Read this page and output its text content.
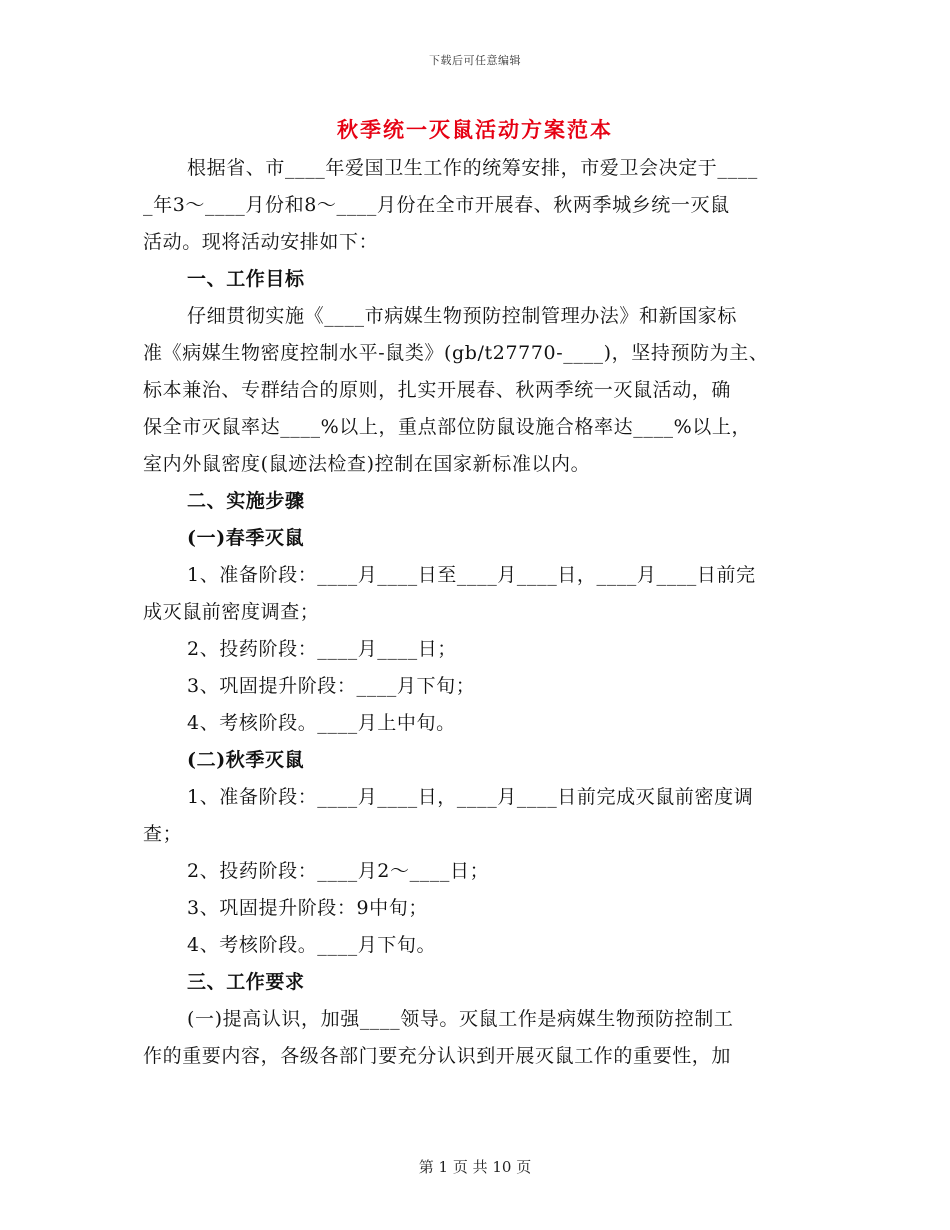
下载后可任意编辑
秋季统一灭鼠活动方案范本
根据省、市____年爱国卫生工作的统筹安排，市爱卫会决定于____
_年3～____月份和8～____月份在全市开展春、秋两季城乡统一灭鼠
活动。现将活动安排如下：
一、工作目标
仔细贯彻实施《____市病媒生物预防控制管理办法》和新国家标
准《病媒生物密度控制水平-鼠类》(gb/t27770-____)，坚持预防为主、
标本兼治、专群结合的原则，扎实开展春、秋两季统一灭鼠活动，确
保全市灭鼠率达____%以上，重点部位防鼠设施合格率达____%以上，
室内外鼠密度(鼠迹法检查)控制在国家新标准以内。
二、实施步骤
(一)春季灭鼠
1、准备阶段：____月____日至____月____日，____月____日前完
成灭鼠前密度调查；
2、投药阶段：____月____日；
3、巩固提升阶段：____月下旬；
4、考核阶段。____月上中旬。
(二)秋季灭鼠
1、准备阶段：____月____日，____月____日前完成灭鼠前密度调
查；
2、投药阶段：____月2～____日；
3、巩固提升阶段：9中旬；
4、考核阶段。____月下旬。
三、工作要求
(一)提高认识，加强____领导。灭鼠工作是病媒生物预防控制工
作的重要内容，各级各部门要充分认识到开展灭鼠工作的重要性，加
第 1 页 共 10 页
